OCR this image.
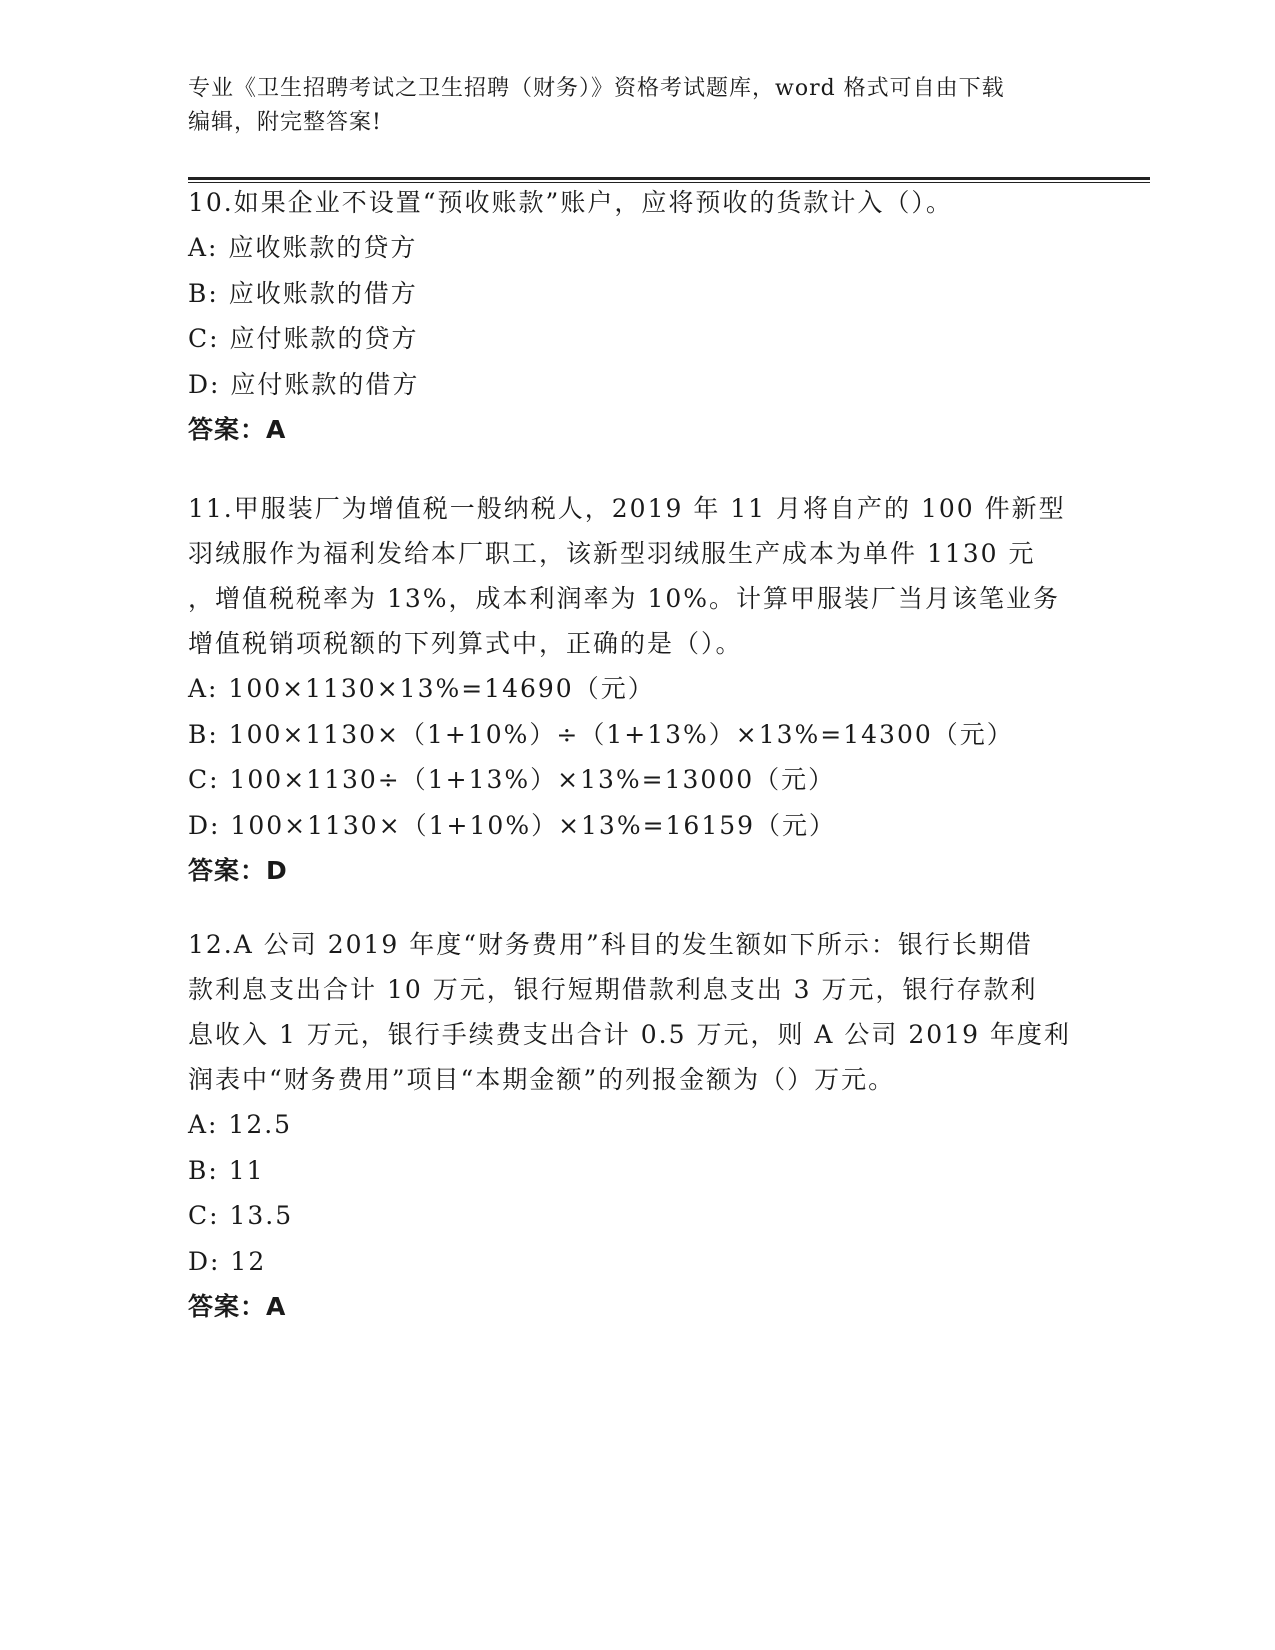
专业《卫生招聘考试之卫生招聘（财务）》资格考试题库，word 格式可自由下载
编辑，附完整答案!
10.如果企业不设置“预收账款”账户，应将预收的货款计入（）。
A: 应收账款的贷方
B: 应收账款的借方
C: 应付账款的贷方
D: 应付账款的借方
答案：A
11.甲服装厂为增值税一般纳税人，2019 年 11 月将自产的 100 件新型
羽绒服作为福利发给本厂职工，该新型羽绒服生产成本为单件 1130 元
，增值税税率为 13%，成本利润率为 10%。计算甲服装厂当月该笔业务
增值税销项税额的下列算式中，正确的是（）。
A: 100×1130×13%=14690（元）
B: 100×1130×（1+10%）÷（1+13%）×13%=14300（元）
C: 100×1130÷（1+13%）×13%=13000（元）
D: 100×1130×（1+10%）×13%=16159（元）
答案：D
12.A 公司 2019 年度“财务费用”科目的发生额如下所示：银行长期借
款利息支出合计 10 万元，银行短期借款利息支出 3 万元，银行存款利
息收入 1 万元，银行手续费支出合计 0.5 万元，则 A 公司 2019 年度利
润表中“财务费用”项目“本期金额”的列报金额为（）万元。
A: 12.5
B: 11
C: 13.5
D: 12
答案：A
